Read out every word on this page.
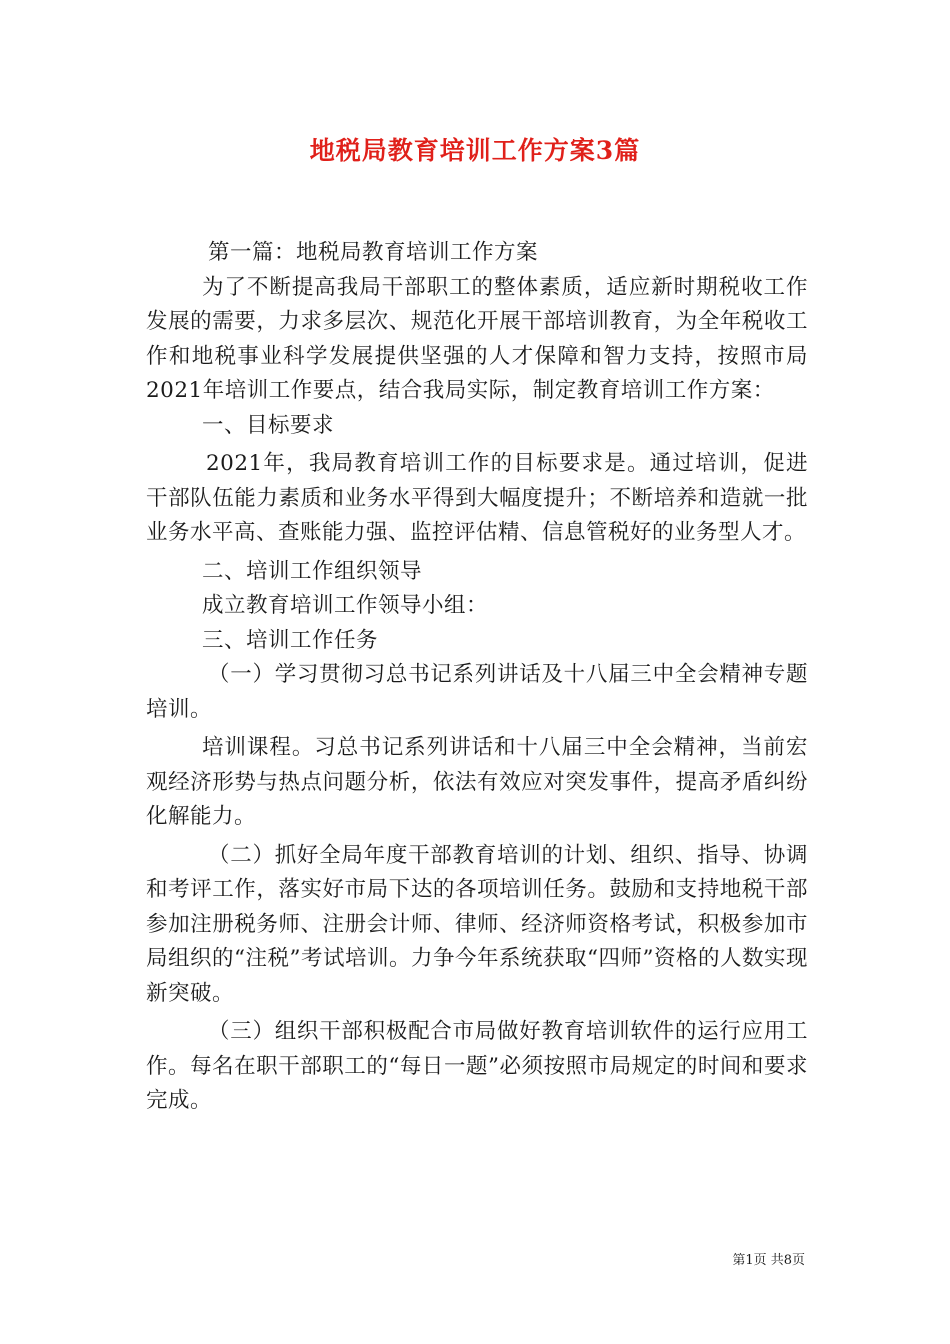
地税局教育培训工作方案3篇

第一篇：地税局教育培训工作方案

为了不断提高我局干部职工的整体素质，适应新时期税收工作发展的需要，力求多层次、规范化开展干部培训教育，为全年税收工作和地税事业科学发展提供坚强的人才保障和智力支持，按照市局2021年培训工作要点，结合我局实际，制定教育培训工作方案：

一、目标要求

2021年，我局教育培训工作的目标要求是。通过培训，促进干部队伍能力素质和业务水平得到大幅度提升；不断培养和造就一批业务水平高、查账能力强、监控评估精、信息管税好的业务型人才。

二、培训工作组织领导

成立教育培训工作领导小组：

三、培训工作任务

（一）学习贯彻习总书记系列讲话及十八届三中全会精神专题培训。

培训课程。习总书记系列讲话和十八届三中全会精神，当前宏观经济形势与热点问题分析，依法有效应对突发事件，提高矛盾纠纷化解能力。

（二）抓好全局年度干部教育培训的计划、组织、指导、协调和考评工作，落实好市局下达的各项培训任务。鼓励和支持地税干部参加注册税务师、注册会计师、律师、经济师资格考试，积极参加市局组织的“注税”考试培训。力争今年系统获取“四师”资格的人数实现新突破。

（三）组织干部积极配合市局做好教育培训软件的运行应用工作。每名在职干部职工的“每日一题”必须按照市局规定的时间和要求完成。

第1页 共8页
